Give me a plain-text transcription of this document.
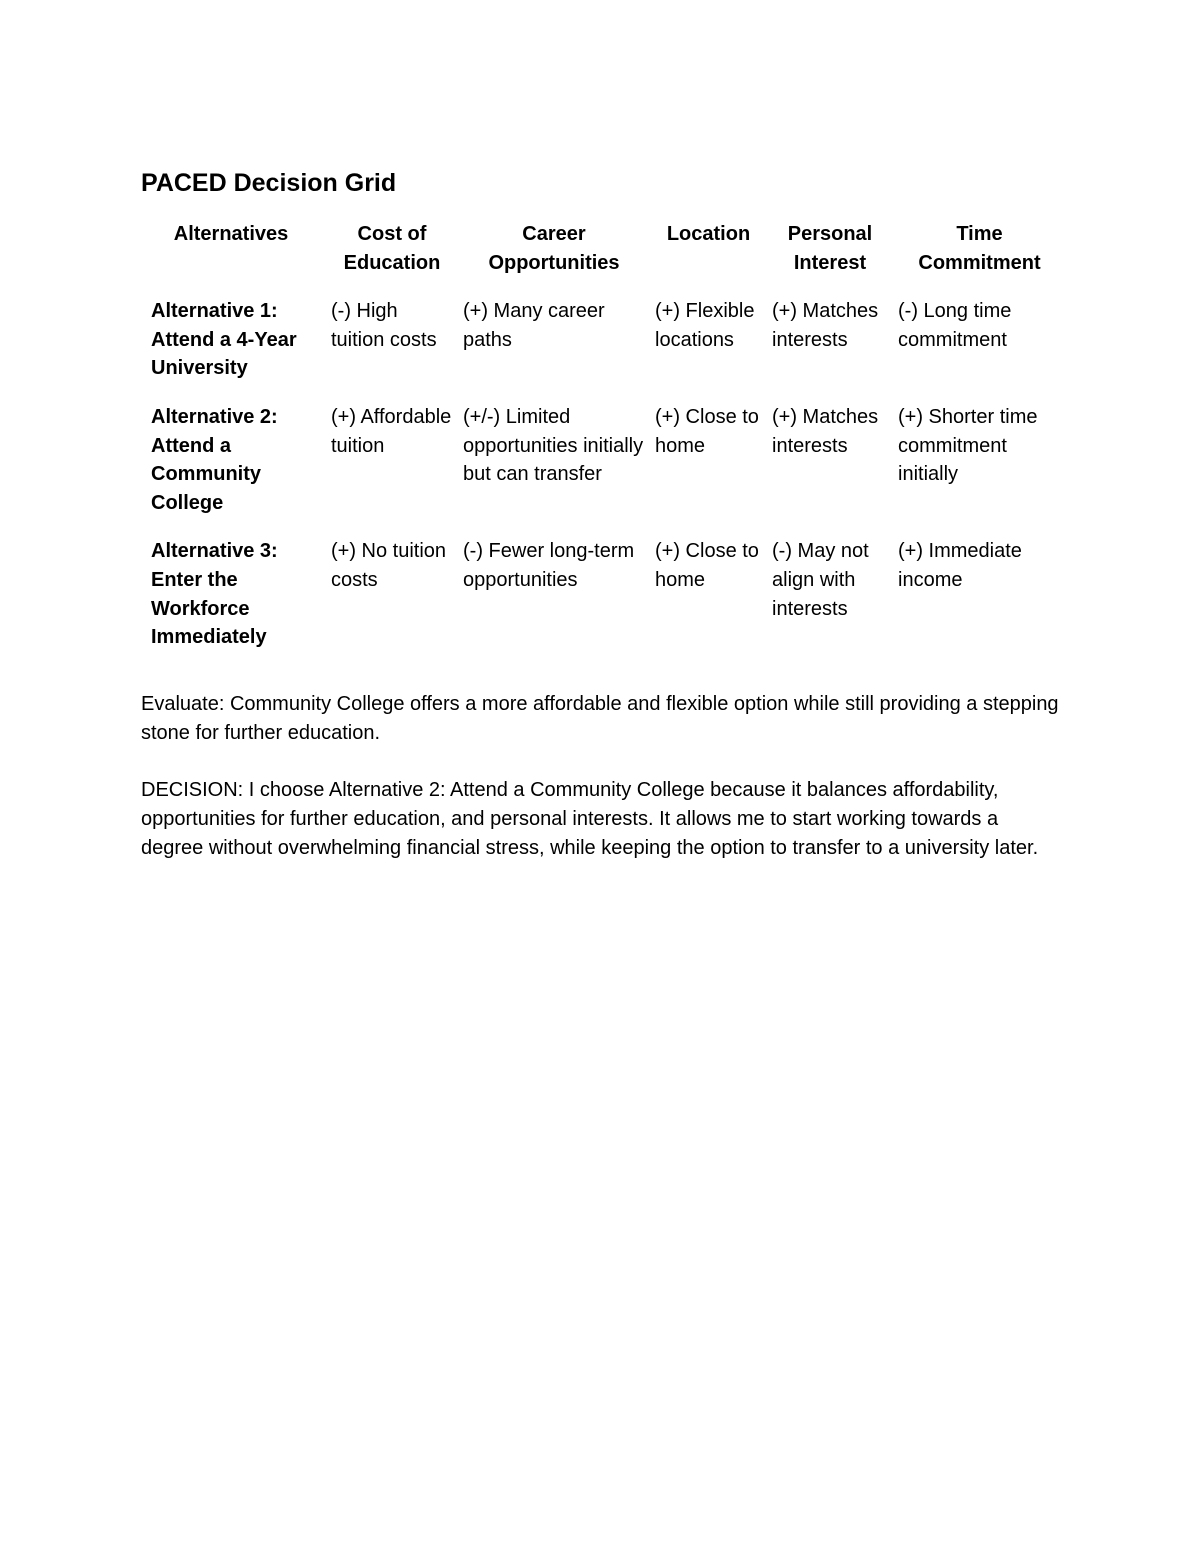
PACED Decision Grid
Alternatives	Cost of Education	Career Opportunities	Location	Personal Interest	Time Commitment
Alternative 1: Attend a 4-Year University	(-) High tuition costs	(+) Many career paths	(+) Flexible locations	(+) Matches interests	(-) Long time commitment
Alternative 2: Attend a Community College	(+) Affordable tuition	(+/-) Limited opportunities initially but can transfer	(+) Close to home	(+) Matches interests	(+) Shorter time commitment initially
Alternative 3: Enter the Workforce Immediately	(+) No tuition costs	(-) Fewer long-term opportunities	(+) Close to home	(-) May not align with interests	(+) Immediate income

Evaluate: Community College offers a more affordable and flexible option while still providing a stepping stone for further education.

DECISION: I choose Alternative 2: Attend a Community College because it balances affordability, opportunities for further education, and personal interests. It allows me to start working towards a degree without overwhelming financial stress, while keeping the option to transfer to a university later.
